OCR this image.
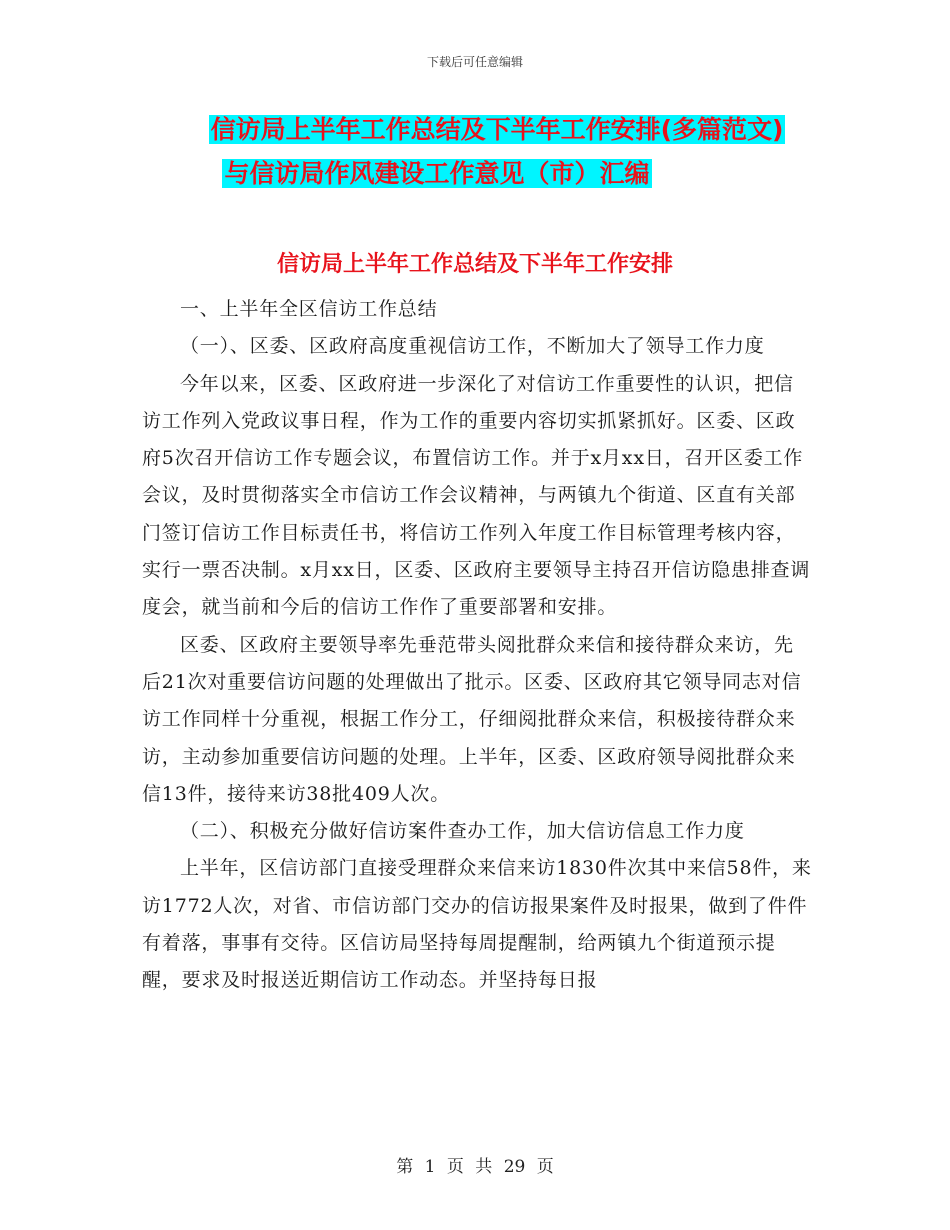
下载后可任意编辑
信访局上半年工作总结及下半年工作安排(多篇范文)
与信访局作风建设工作意见（市）汇编
信访局上半年工作总结及下半年工作安排

一、上半年全区信访工作总结

（一）、区委、区政府高度重视信访工作，不断加大了领导工作力度

今年以来，区委、区政府进一步深化了对信访工作重要性的认识，把信访工作列入党政议事日程，作为工作的重要内容切实抓紧抓好。区委、区政府5次召开信访工作专题会议，布置信访工作。并于x月xx日，召开区委工作会议，及时贯彻落实全市信访工作会议精神，与两镇九个街道、区直有关部门签订信访工作目标责任书，将信访工作列入年度工作目标管理考核内容，实行一票否决制。x月xx日，区委、区政府主要领导主持召开信访隐患排查调度会，就当前和今后的信访工作作了重要部署和安排。

区委、区政府主要领导率先垂范带头阅批群众来信和接待群众来访，先后21次对重要信访问题的处理做出了批示。区委、区政府其它领导同志对信访工作同样十分重视，根据工作分工，仔细阅批群众来信，积极接待群众来访，主动参加重要信访问题的处理。上半年，区委、区政府领导阅批群众来信13件，接待来访38批409人次。

（二）、积极充分做好信访案件查办工作，加大信访信息工作力度

上半年，区信访部门直接受理群众来信来访1830件次其中来信58件，来访1772人次，对省、市信访部门交办的信访报果案件及时报果，做到了件件有着落，事事有交待。区信访局坚持每周提醒制，给两镇九个街道预示提醒，要求及时报送近期信访工作动态。并坚持每日报

第 1 页 共 29 页
